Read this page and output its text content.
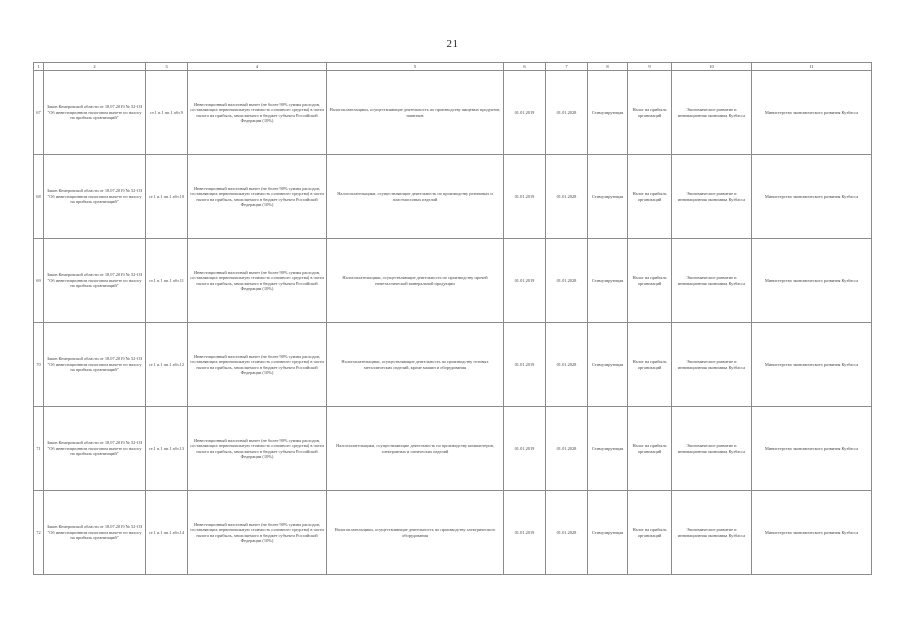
21
1	2	3	4	5	6	7	8	9	10	11
67	Закон Кемеровской области от 18.07.2019 № 52-ОЗ "Об инвестиционном налоговом вычете по налогу на прибыль организаций"	ст.1 п.1 пп.1 абз.9	Инвестиционный налоговый вычет (не более 90% суммы расходов, составляющих первоначальную стоимость основного средства) в части налога на прибыль, зачисляемого в бюджет субъекта Российской Федерации (10%)	Налогоплательщики, осуществляющие деятельность по производству пищевых продуктов, напитков	01.01.2019	01.01.2028	Стимулирующая	Налог на прибыль организаций	Экономическое развитие и инновационная экономика Кузбасса	Министерство экономического развития Кузбасса
68	Закон Кемеровской области от 18.07.2019 № 52-ОЗ "Об инвестиционном налоговом вычете по налогу на прибыль организаций"	ст.1 п.1 пп.1 абз.10	Инвестиционный налоговый вычет (не более 90% суммы расходов, составляющих первоначальную стоимость основного средства) в части налога на прибыль, зачисляемого в бюджет субъекта Российской Федерации (10%)	Налогоплательщики, осуществляющие деятельность по производству резиновых и пластмассовых изделий	01.01.2019	01.01.2028	Стимулирующая	Налог на прибыль организаций	Экономическое развитие и инновационная экономика Кузбасса	Министерство экономического развития Кузбасса
69	Закон Кемеровской области от 18.07.2019 № 52-ОЗ "Об инвестиционном налоговом вычете по налогу на прибыль организаций"	ст.1 п.1 пп.1 абз.11	Инвестиционный налоговый вычет (не более 90% суммы расходов, составляющих первоначальную стоимость основного средства) в части налога на прибыль, зачисляемого в бюджет субъекта Российской Федерации (10%)	Налогоплательщики, осуществляющие деятельность по производству прочей неметаллической минеральной продукции	01.01.2019	01.01.2028	Стимулирующая	Налог на прибыль организаций	Экономическое развитие и инновационная экономика Кузбасса	Министерство экономического развития Кузбасса
70	Закон Кемеровской области от 18.07.2019 № 52-ОЗ "Об инвестиционном налоговом вычете по налогу на прибыль организаций"	ст.1 п.1 пп.1 абз.12	Инвестиционный налоговый вычет (не более 90% суммы расходов, составляющих первоначальную стоимость основного средства) в части налога на прибыль, зачисляемого в бюджет субъекта Российской Федерации (10%)	Налогоплательщики, осуществляющие деятельность по производству готовых металлических изделий, кроме машин и оборудования	01.01.2019	01.01.2028	Стимулирующая	Налог на прибыль организаций	Экономическое развитие и инновационная экономика Кузбасса	Министерство экономического развития Кузбасса
71	Закон Кемеровской области от 18.07.2019 № 52-ОЗ "Об инвестиционном налоговом вычете по налогу на прибыль организаций"	ст.1 п.1 пп.1 абз.13	Инвестиционный налоговый вычет (не более 90% суммы расходов, составляющих первоначальную стоимость основного средства) в части налога на прибыль, зачисляемого в бюджет субъекта Российской Федерации (10%)	Налогоплательщики, осуществляющие деятельность по производству компьютеров, электронных и оптических изделий	01.01.2019	01.01.2028	Стимулирующая	Налог на прибыль организаций	Экономическое развитие и инновационная экономика Кузбасса	Министерство экономического развития Кузбасса
72	Закон Кемеровской области от 18.07.2019 № 52-ОЗ "Об инвестиционном налоговом вычете по налогу на прибыль организаций"	ст.1 п.1 пп.1 абз.14	Инвестиционный налоговый вычет (не более 90% суммы расходов, составляющих первоначальную стоимость основного средства) в части налога на прибыль, зачисляемого в бюджет субъекта Российской Федерации (10%)	Налогоплательщики, осуществляющие деятельность по производству электрического оборудования	01.01.2019	01.01.2028	Стимулирующая	Налог на прибыль организаций	Экономическое развитие и инновационная экономика Кузбасса	Министерство экономического развития Кузбасса
